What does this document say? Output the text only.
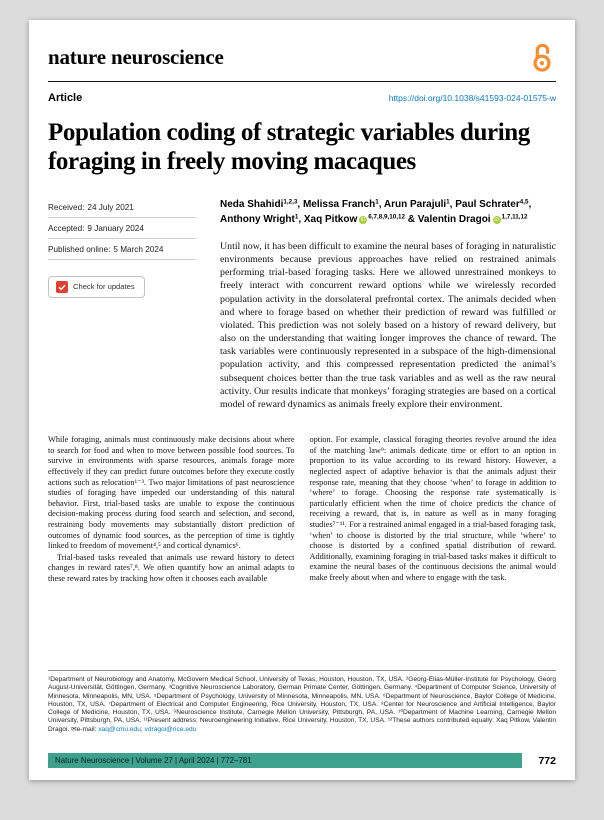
nature neuroscience
Article	https://doi.org/10.1038/s41593-024-01575-w
Population coding of strategic variables during foraging in freely moving macaques
Received: 24 July 2021
Accepted: 9 January 2024
Published online: 5 March 2024
Check for updates

Neda Shahidi$^{1,2,3}$, Melissa Franch$^1$, Arun Parajuli$^1$, Paul Schrater$^{4,5}$, Anthony Wright$^1$, Xaq Pitkow iD $^{6,7,8,9,10,12}$ & Valentin Dragoi iD $^{1,7,11,12}$

Until now, it has been difficult to examine the neural bases of foraging in naturalistic environments because previous approaches have relied on restrained animals performing trial-based foraging tasks. Here we allowed unrestrained monkeys to freely interact with concurrent reward options while we wirelessly recorded population activity in the dorsolateral prefrontal cortex. The animals decided when and where to forage based on whether their prediction of reward was fulfilled or violated. This prediction was not solely based on a history of reward delivery, but also on the understanding that waiting longer improves the chance of reward. The task variables were continuously represented in a subspace of the high-dimensional population activity, and this compressed representation predicted the animal’s subsequent choices better than the true task variables and as well as the raw neural activity. Our results indicate that monkeys’ foraging strategies are based on a cortical model of reward dynamics as animals freely explore their environment.

While foraging, animals must continuously make decisions about where to search for food and when to move between possible food sources. To survive in environments with sparse resources, animals forage more effectively if they can predict future outcomes before they execute costly actions such as relocation¹⁻³. Two major limitations of past neuroscience studies of foraging have impeded our understanding of this natural behavior. First, trial-based tasks are unable to expose the continuous decision-making process during food search and selection, and second, restraining body movements may substantially distort prediction of outcomes of dynamic food sources, as the perception of time is tightly linked to freedom of movement⁴,⁵ and cortical dynamics⁶.

Trial-based tasks revealed that animals use reward history to detect changes in reward rates⁷,⁸. We often quantify how an animal adapts to these reward rates by tracking how often it chooses each available

option. For example, classical foraging theories revolve around the idea of the matching law⁹: animals dedicate time or effort to an option in proportion to its value according to its reward history. However, a neglected aspect of adaptive behavior is that the animals adjust their response rate, meaning that they choose ‘when’ to forage in addition to ‘where’ to forage. Choosing the response rate systematically is particularly efficient when the time of choice predicts the chance of receiving a reward, that is, in nature as well as in many foraging studies⁷⁻¹¹. For a restrained animal engaged in a trial-based foraging task, ‘when’ to choose is distorted by the trial structure, while ‘where’ to choose is distorted by a confined spatial distribution of reward. Additionally, examining foraging in trial-based tasks makes it difficult to examine the neural bases of the continuous decisions the animal would make freely about when and where to engage with the task.

¹Department of Neurobiology and Anatomy, McGovern Medical School, University of Texas, Houston, Houston, TX, USA. ²Georg-Elias-Müller-Institute for Psychology, Georg August-Universität, Göttingen, Germany. ³Cognitive Neuroscience Laboratory, German Primate Center, Göttingen, Germany. ⁴Department of Computer Science, University of Minnesota, Minneapolis, MN, USA. ⁵Department of Psychology, University of Minnesota, Minneapolis, MN, USA. ⁶Department of Neuroscience, Baylor College of Medicine, Houston, TX, USA. ⁷Department of Electrical and Computer Engineering, Rice University, Houston, TX, USA. ⁸Center for Neuroscience and Artificial Intelligence, Baylor College of Medicine, Houston, TX, USA. ⁹Neuroscience Institute, Carnegie Mellon University, Pittsburgh, PA, USA. ¹⁰Department of Machine Learning, Carnegie Mellon University, Pittsburgh, PA, USA. ¹¹Present address: Neuroengineering Initiative, Rice University, Houston, TX, USA. ¹²These authors contributed equally: Xaq Pitkow, Valentin Dragoi. ✉e-mail: xaq@cmu.edu; vdragoi@rice.edu
Nature Neuroscience | Volume 27 | April 2024 | 772–781	772
